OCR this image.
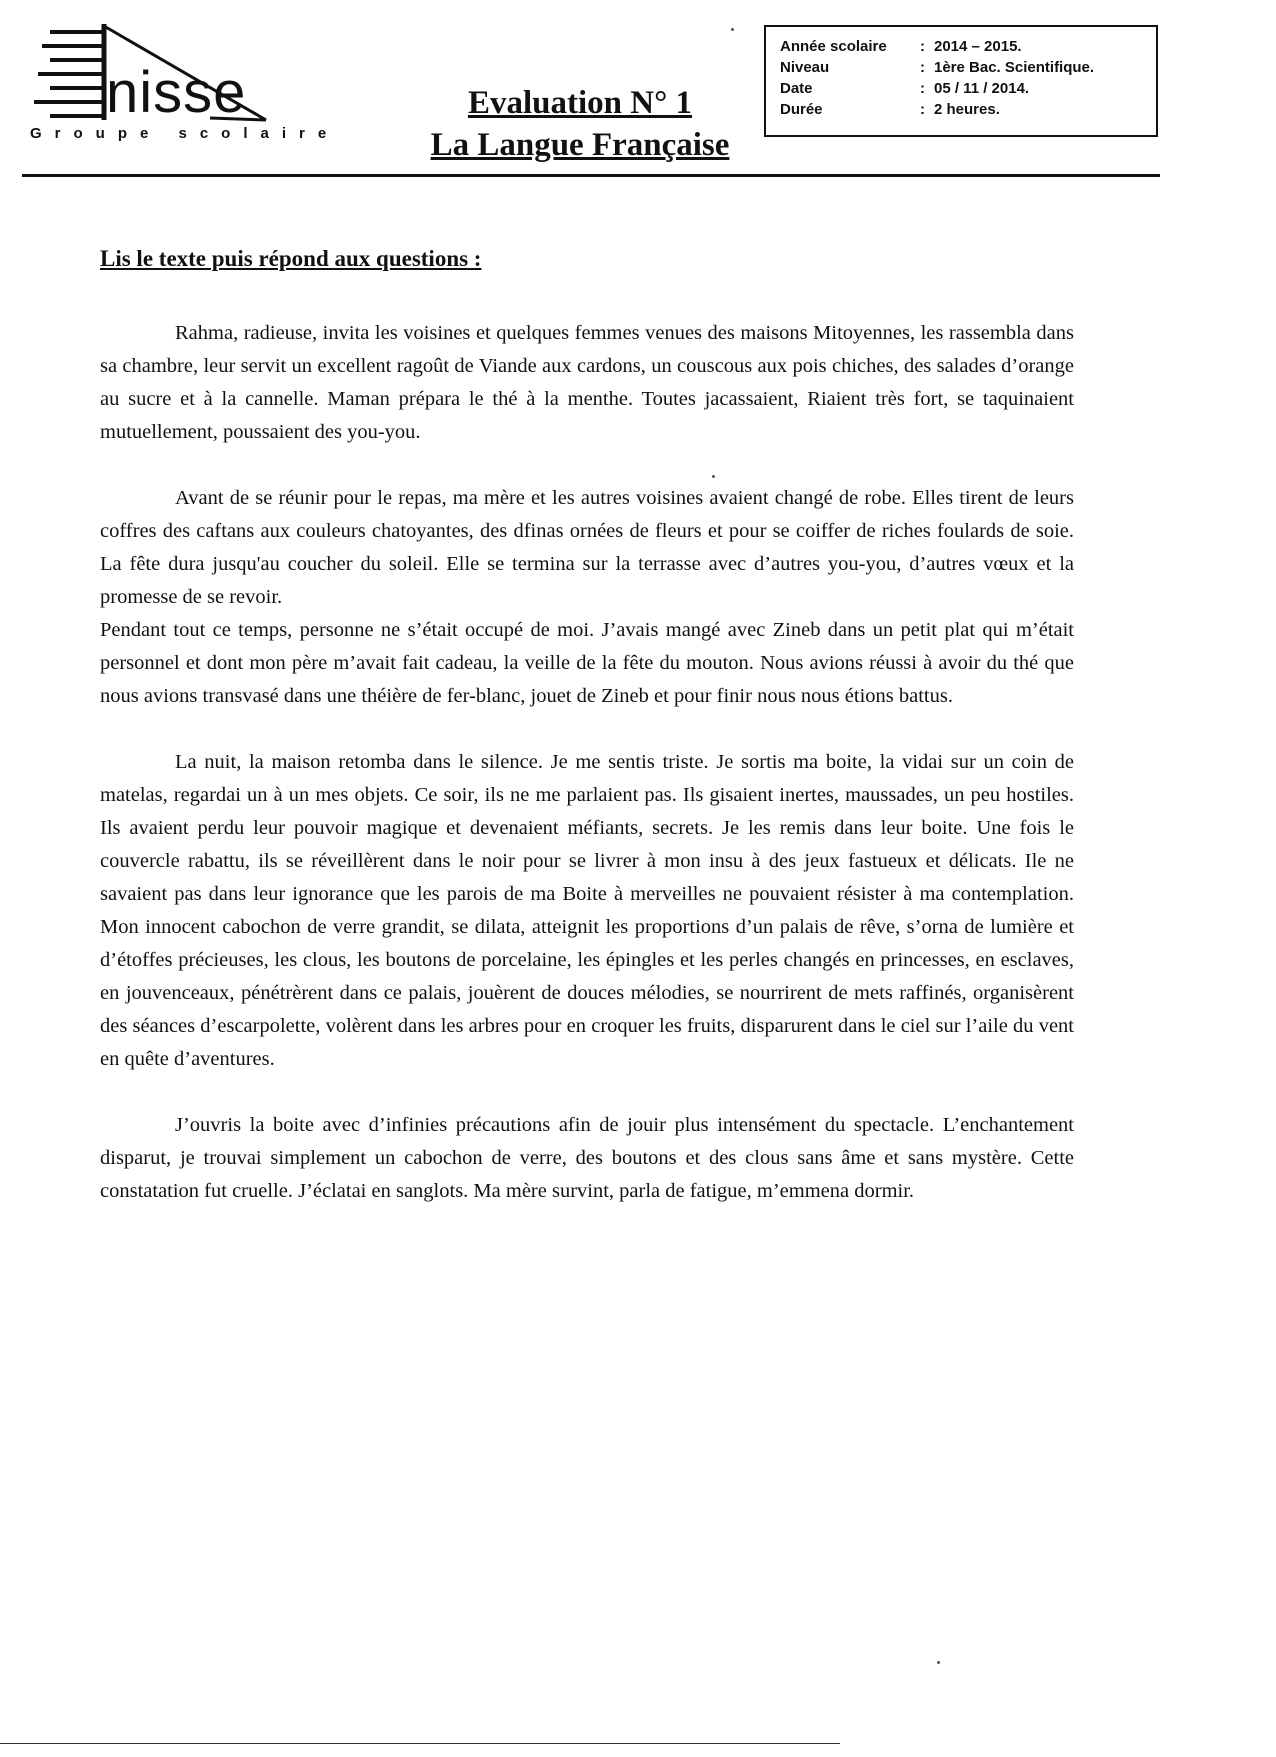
nisse
Groupe scolaire
Evaluation N° 1
La Langue Française
Année scolaire	: 2014 – 2015.
Niveau	: 1ère Bac. Scientifique.
Date	: 05 / 11 / 2014.
Durée	: 2 heures.
Lis le texte puis répond aux questions :

Rahma, radieuse, invita les voisines et quelques femmes venues des maisons Mitoyennes, les rassembla dans sa chambre, leur servit un excellent ragoût de Viande aux cardons, un couscous aux pois chiches, des salades d’orange au sucre et à la cannelle. Maman prépara le thé à la menthe. Toutes jacassaient, Riaient très fort, se taquinaient mutuellement, poussaient des you-you.

Avant de se réunir pour le repas, ma mère et les autres voisines avaient changé de robe. Elles tirent de leurs coffres des caftans aux couleurs chatoyantes, des dfinas ornées de fleurs et pour se coiffer de riches foulards de soie. La fête dura jusqu'au coucher du soleil. Elle se termina sur la terrasse avec d’autres you-you, d’autres vœux et la promesse de se revoir.

Pendant tout ce temps, personne ne s’était occupé de moi. J’avais mangé avec Zineb dans un petit plat qui m’était personnel et dont mon père m’avait fait cadeau, la veille de la fête du mouton. Nous avions réussi à avoir du thé que nous avions transvasé dans une théière de fer-blanc, jouet de Zineb et pour finir nous nous étions battus.

La nuit, la maison retomba dans le silence. Je me sentis triste. Je sortis ma boite, la vidai sur un coin de matelas, regardai un à un mes objets. Ce soir, ils ne me parlaient pas. Ils gisaient inertes, maussades, un peu hostiles. Ils avaient perdu leur pouvoir magique et devenaient méfiants, secrets. Je les remis dans leur boite. Une fois le couvercle rabattu, ils se réveillèrent dans le noir pour se livrer à mon insu à des jeux fastueux et délicats. Ile ne savaient pas dans leur ignorance que les parois de ma Boite à merveilles ne pouvaient résister à ma contemplation. Mon innocent cabochon de verre grandit, se dilata, atteignit les proportions d’un palais de rêve, s’orna de lumière et d’étoffes précieuses, les clous, les boutons de porcelaine, les épingles et les perles changés en princesses, en esclaves, en jouvenceaux, pénétrèrent dans ce palais, jouèrent de douces mélodies, se nourrirent de mets raffinés, organisèrent des séances d’escarpolette, volèrent dans les arbres pour en croquer les fruits, disparurent dans le ciel sur l’aile du vent en quête d’aventures.

J’ouvris la boite avec d’infinies précautions afin de jouir plus intensément du spectacle. L’enchantement disparut, je trouvai simplement un cabochon de verre, des boutons et des clous sans âme et sans mystère. Cette constatation fut cruelle. J’éclatai en sanglots. Ma mère survint, parla de fatigue, m’emmena dormir.
